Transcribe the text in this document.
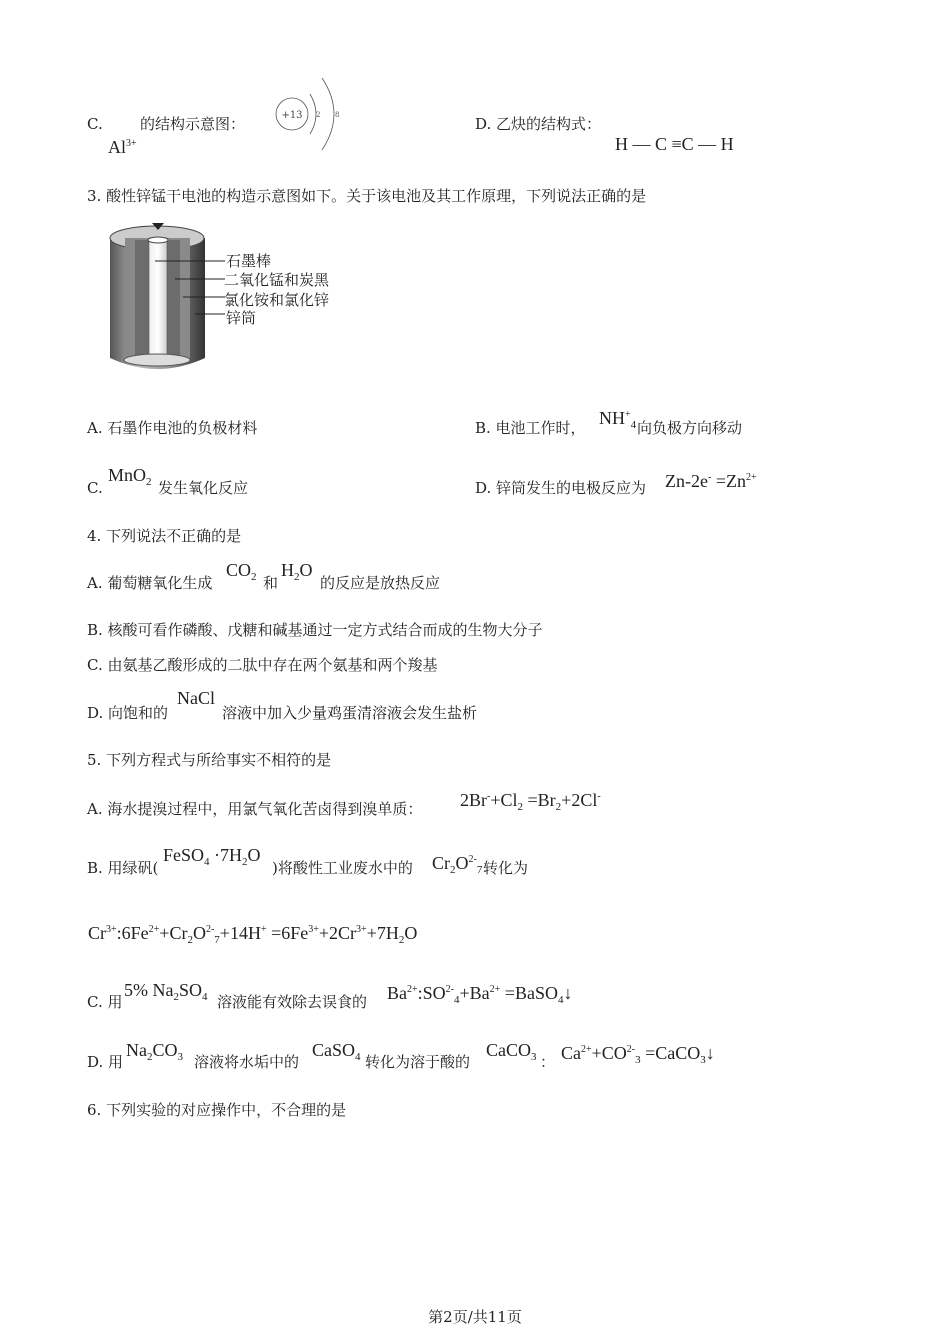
C.
$Al^{3+}$
的结构示意图：	+13 2 8	D. 乙炔的结构式：
H — C ≡C — H
3. 酸性锌锰干电池的构造示意图如下。关于该电池及其工作原理，下列说法正确的是
石墨棒
二氧化锰和炭黑
氯化铵和氯化锌
锌筒
A. 石墨作电池的负极材料	B. 电池工作时， $NH^+_4$ 向负极方向移动
C.
MnO$_2$ 发生氧化反应	D. 锌筒发生的电极反应为 $Zn-2e^- =Zn^{2+}$
4. 下列说法不正确的是
A. 葡萄糖氧化生成
$CO_2$ 和
$H_2O$
的反应是放热反应
B. 核酸可看作磷酸、戊糖和碱基通过一定方式结合而成的生物大分子
C. 由氨基乙酸形成的二肽中存在两个氨基和两个羧基
D. 向饱和的
NaCl
溶液中加入少量鸡蛋清溶液会发生盐析
5. 下列方程式与所给事实不相符的是
A. 海水提溴过程中，用氯气氧化苦卤得到溴单质： $2Br^-+Cl_2 =Br_2+2Cl^-$
B. 用绿矾(
FeSO$_4$ $\cdot 7H_2O$
)将酸性工业废水中的 $Cr_2O^{2-}_7$ 转化为
$Cr^{3+}:6Fe^{2+}+Cr_2O^{2-}_7+14H^+ =6Fe^{3+}+2Cr^{3+}+7H_2O$
C. 用
5% $Na_2SO_4$ 溶液能有效除去误食的 $Ba^{2+}:SO^{2-}_4+Ba^{2+}$ =BaSO$_4$↓
D. 用
$Na_2CO_3$ 溶液将水垢中的
CaSO$_4$ 转化为溶于酸的
CaCO$_3$ ： $Ca^{2+}+CO^{2-}_3$ =CaCO$_3$↓
6. 下列实验的对应操作中，不合理的是
第2页/共11页
